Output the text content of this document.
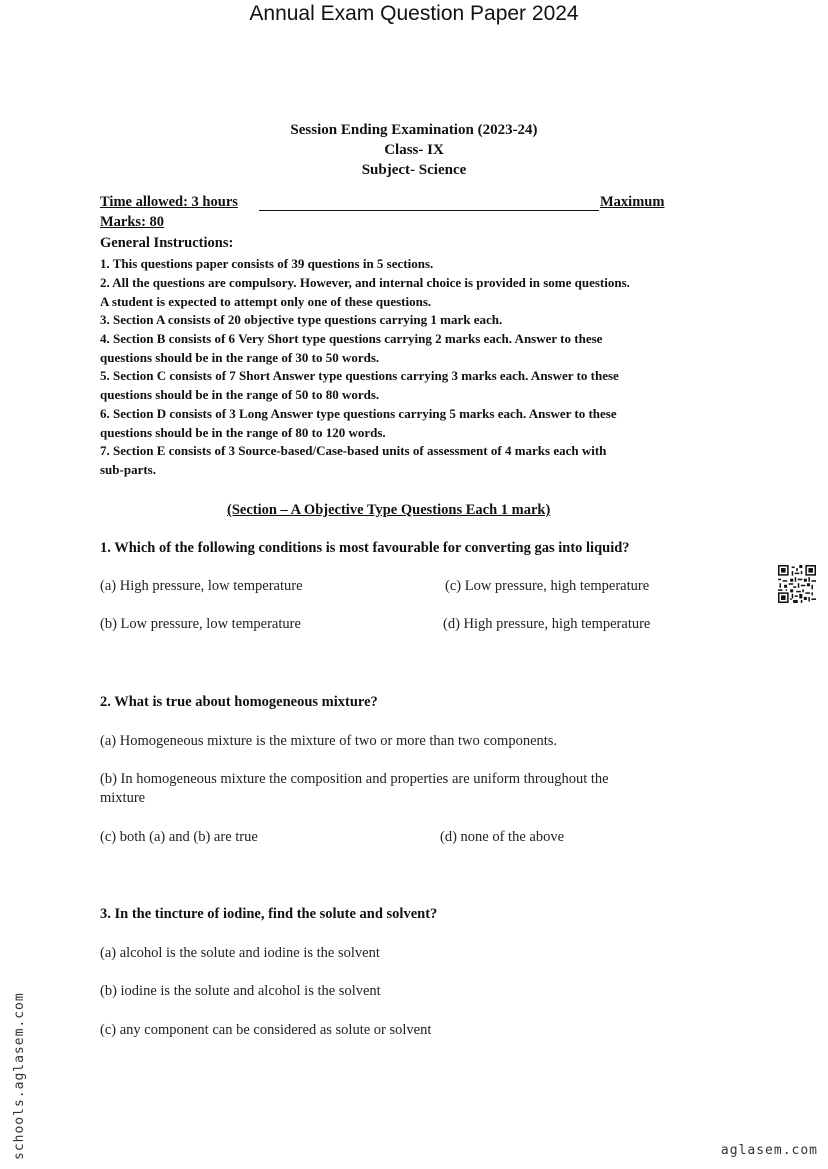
Annual Exam Question Paper 2024
Session Ending Examination (2023-24)
Class- IX
Subject- Science
Time allowed: 3 hours	Maximum
Marks: 80
General Instructions:
1. This questions paper consists of 39 questions in 5 sections.
2. All the questions are compulsory. However, and internal choice is provided in some questions.
A student is expected to attempt only one of these questions.
3. Section A consists of 20 objective type questions carrying 1 mark each.
4. Section B consists of 6 Very Short type questions carrying 2 marks each. Answer to these
questions should be in the range of 30 to 50 words.
5. Section C consists of 7 Short Answer type questions carrying 3 marks each. Answer to these
questions should be in the range of 50 to 80 words.
6. Section D consists of 3 Long Answer type questions carrying 5 marks each. Answer to these
questions should be in the range of 80 to 120 words.
7. Section E consists of 3 Source-based/Case-based units of assessment of 4 marks each with
sub-parts.
(Section – A Objective Type Questions Each 1 mark)
1. Which of the following conditions is most favourable for converting gas into liquid?
(a) High pressure, low temperature	(c) Low pressure, high temperature
(b) Low pressure, low temperature	(d) High pressure, high temperature
2. What is true about homogeneous mixture?
(a) Homogeneous mixture is the mixture of two or more than two components.
(b) In homogeneous mixture the composition and properties are uniform throughout the
mixture
(c) both (a) and (b) are true	(d) none of the above
3. In the tincture of iodine, find the solute and solvent?
(a) alcohol is the solute and iodine is the solvent
(b) iodine is the solute and alcohol is the solvent
(c) any component can be considered as solute or solvent
schools.aglasem.com	aglasem.com
